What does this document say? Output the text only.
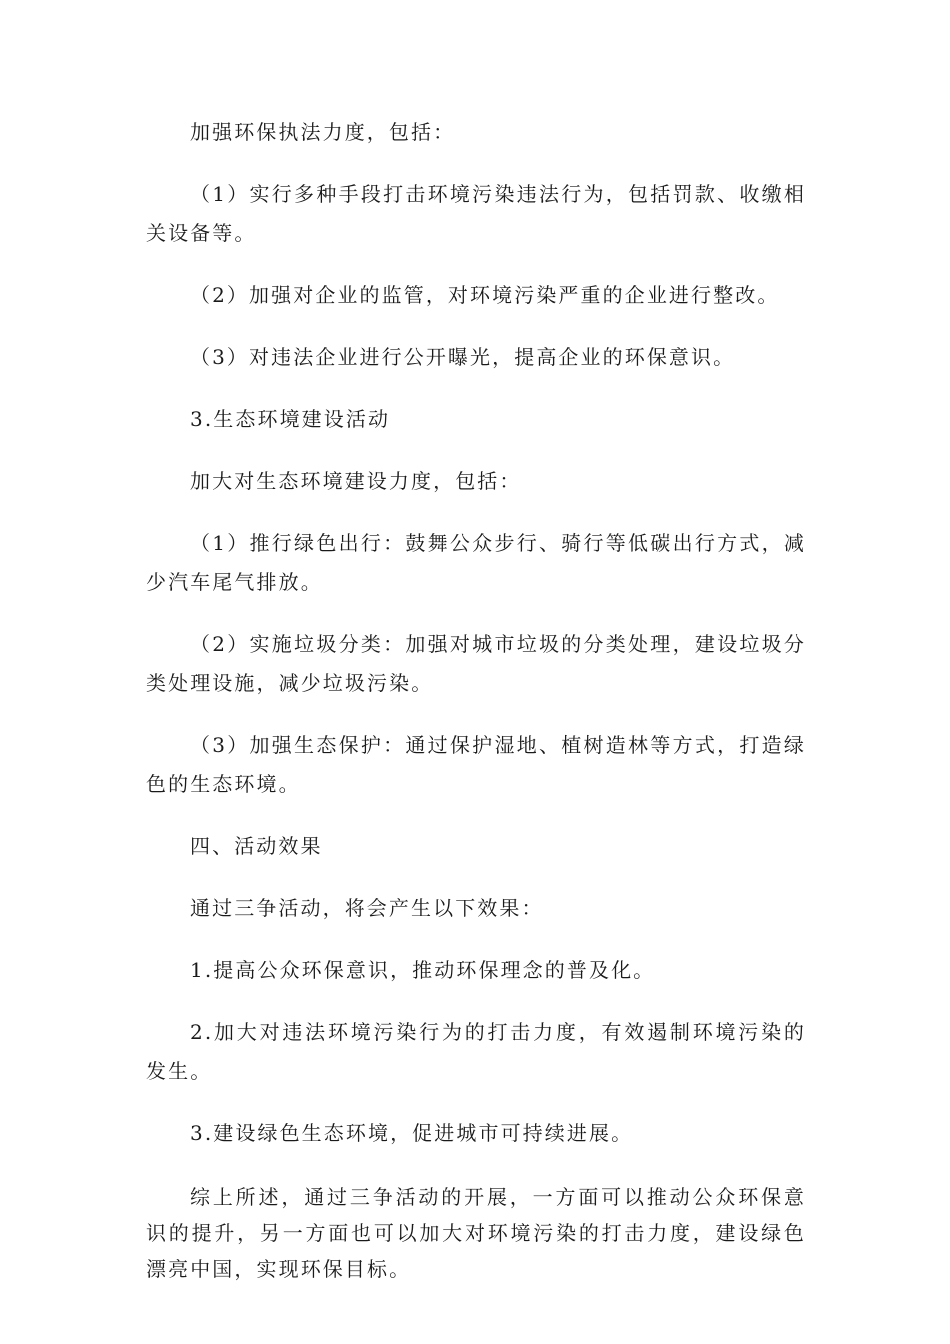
加强环保执法力度，包括：

（1）实行多种手段打击环境污染违法行为，包括罚款、收缴相关设备等。

（2）加强对企业的监管，对环境污染严重的企业进行整改。

（3）对违法企业进行公开曝光，提高企业的环保意识。

3.生态环境建设活动

加大对生态环境建设力度，包括：

（1）推行绿色出行：鼓舞公众步行、骑行等低碳出行方式，减少汽车尾气排放。

（2）实施垃圾分类：加强对城市垃圾的分类处理，建设垃圾分类处理设施，减少垃圾污染。

（3）加强生态保护：通过保护湿地、植树造林等方式，打造绿色的生态环境。

四、活动效果

通过三争活动，将会产生以下效果：

1.提高公众环保意识，推动环保理念的普及化。

2.加大对违法环境污染行为的打击力度，有效遏制环境污染的发生。

3.建设绿色生态环境，促进城市可持续进展。

综上所述，通过三争活动的开展，一方面可以推动公众环保意识的提升，另一方面也可以加大对环境污染的打击力度，建设绿色漂亮中国，实现环保目标。
